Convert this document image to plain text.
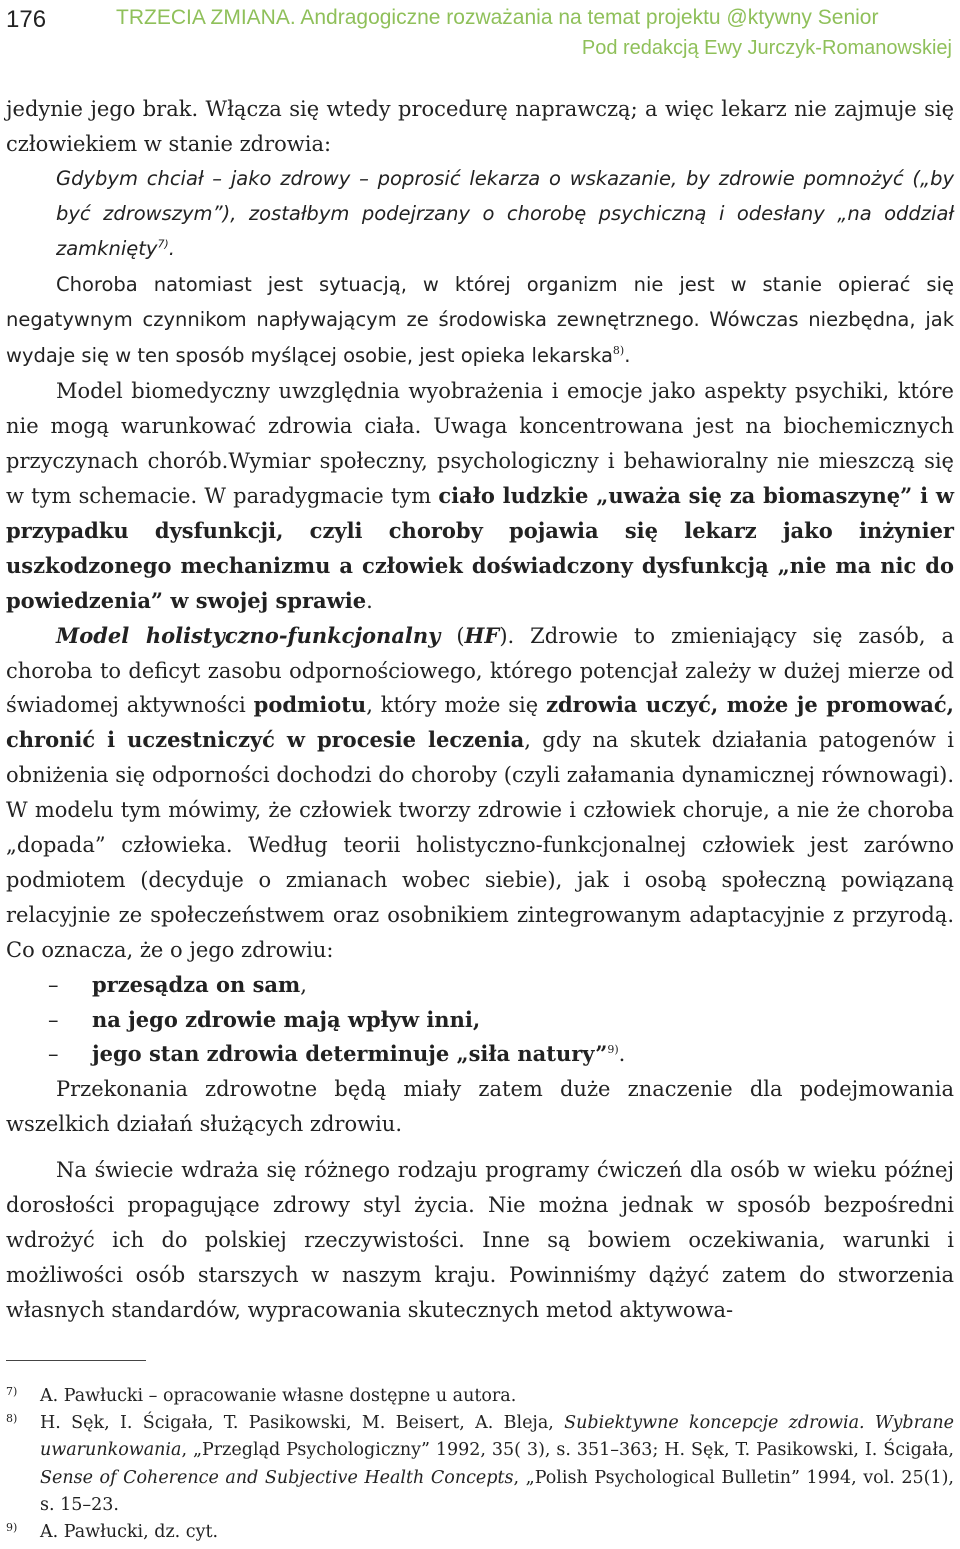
176	TRZECIA ZMIANA. Andragogiczne rozważania na temat projektu @ktywny Senior
Pod redakcją Ewy Jurczyk-Romanowskiej

jedynie jego brak. Włącza się wtedy procedurę naprawczą; a więc lekarz nie zajmuje się człowiekiem w stanie zdrowia:

Gdybym chciał – jako zdrowy – poprosić lekarza o wskazanie, by zdrowie pomnożyć („by być zdrowszym”), zostałbym podejrzany o chorobę psychiczną i odesłany „na oddział zamknięty$^{7)}$.

Choroba natomiast jest sytuacją, w której organizm nie jest w stanie opierać się negatywnym czynnikom napływającym ze środowiska zewnętrznego. Wówczas niezbędna, jak wydaje się w ten sposób myślącej osobie, jest opieka lekarska$^{8)}$.

Model biomedyczny uwzględnia wyobrażenia i emocje jako aspekty psychiki, które nie mogą warunkować zdrowia ciała. Uwaga koncentrowana jest na biochemicznych przyczynach chorób.Wymiar społeczny, psychologiczny i behawioralny nie mieszczą się w tym schemacie. W paradygmacie tym ciało ludzkie „uważa się za biomaszynę” i w przypadku dysfunkcji, czyli choroby pojawia się lekarz jako inżynier uszkodzonego mechanizmu a człowiek doświadczony dysfunkcją „nie ma nic do powiedzenia” w swojej sprawie.

Model holistyczno-funkcjonalny (HF). Zdrowie to zmieniający się zasób, a choroba to deficyt zasobu odpornościowego, którego potencjał zależy w dużej mierze od świadomej aktywności podmiotu, który może się zdrowia uczyć, może je promować, chronić i uczestniczyć w procesie leczenia, gdy na skutek działania patogenów i obniżenia się odporności dochodzi do choroby (czyli załamania dynamicznej równowagi). W modelu tym mówimy, że człowiek tworzy zdrowie i człowiek choruje, a nie że choroba „dopada” człowieka. Według teorii holistyczno-funkcjonalnej człowiek jest zarówno podmiotem (decyduje o zmianach wobec siebie), jak i osobą społeczną powiązaną relacyjnie ze społeczeństwem oraz osobnikiem zintegrowanym adaptacyjnie z przyrodą. Co oznacza, że o jego zdrowiu:

– przesądza on sam,

– na jego zdrowie mają wpływ inni,

– jego stan zdrowia determinuje „siła natury”$^{9)}$.

Przekonania zdrowotne będą miały zatem duże znaczenie dla podejmowania wszelkich działań służących zdrowiu.

Na świecie wdraża się różnego rodzaju programy ćwiczeń dla osób w wieku późnej dorosłości propagujące zdrowy styl życia. Nie można jednak w sposób bezpośredni wdrożyć ich do polskiej rzeczywistości. Inne są bowiem oczekiwania, warunki i możliwości osób starszych w naszym kraju. Powinniśmy dążyć zatem do stworzenia własnych standardów, wypracowania skutecznych metod aktywowa-

7) A. Pawłucki – opracowanie własne dostępne u autora.
8) H. Sęk, I. Ścigała, T. Pasikowski, M. Beisert, A. Bleja, Subiektywne koncepcje zdrowia. Wybrane uwarunkowania, „Przegląd Psychologiczny” 1992, 35( 3), s. 351–363; H. Sęk, T. Pasikowski, I. Ścigała, Sense of Coherence and Subjective Health Concepts, „Polish Psychological Bulletin” 1994, vol. 25(1), s. 15–23.
9) A. Pawłucki, dz. cyt.
